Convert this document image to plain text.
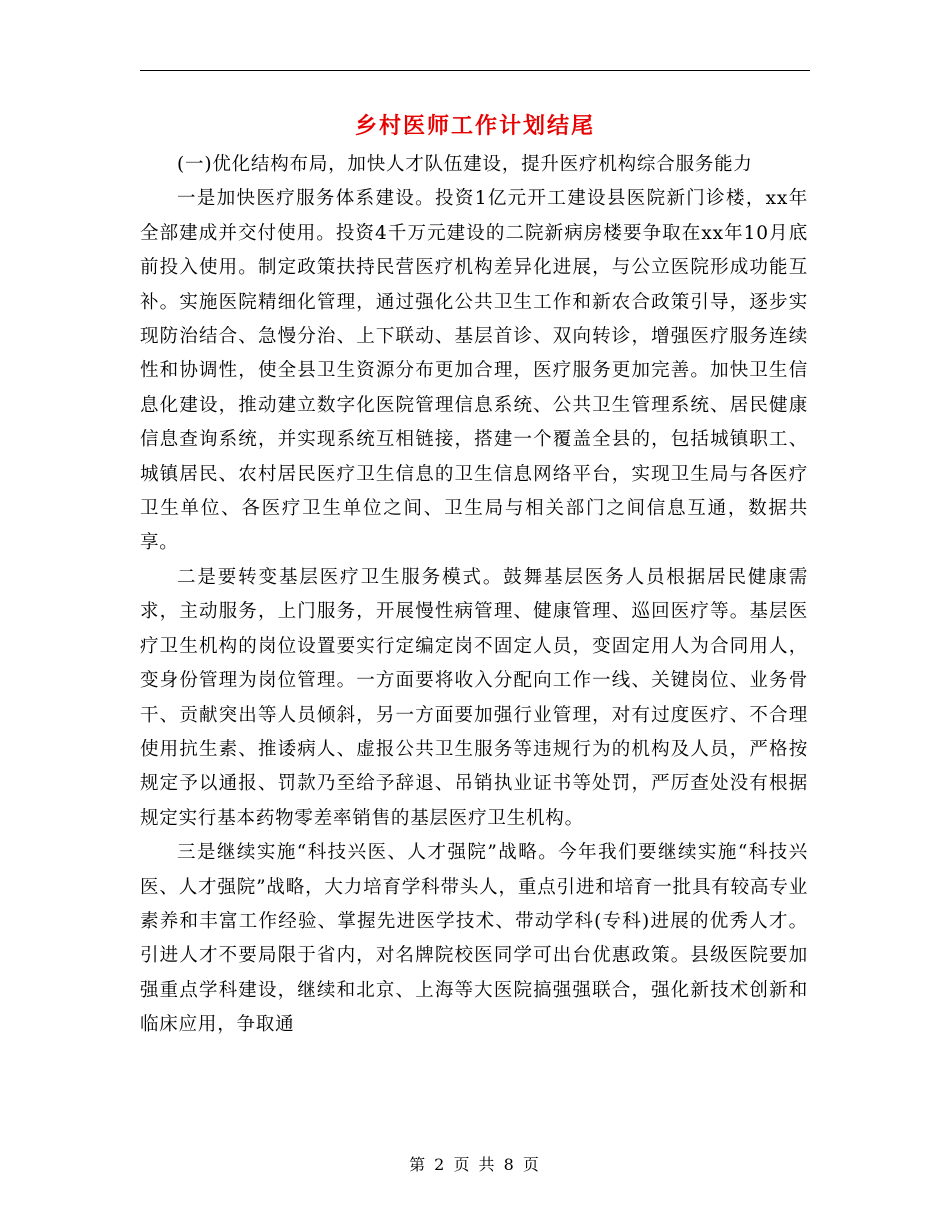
乡村医师工作计划结尾

(一)优化结构布局，加快人才队伍建设，提升医疗机构综合服务能力

一是加快医疗服务体系建设。投资1亿元开工建设县医院新门诊楼，xx年全部建成并交付使用。投资4千万元建设的二院新病房楼要争取在xx年10月底前投入使用。制定政策扶持民营医疗机构差异化进展，与公立医院形成功能互补。实施医院精细化管理，通过强化公共卫生工作和新农合政策引导，逐步实现防治结合、急慢分治、上下联动、基层首诊、双向转诊，增强医疗服务连续性和协调性，使全县卫生资源分布更加合理，医疗服务更加完善。加快卫生信息化建设，推动建立数字化医院管理信息系统、公共卫生管理系统、居民健康信息查询系统，并实现系统互相链接，搭建一个覆盖全县的，包括城镇职工、城镇居民、农村居民医疗卫生信息的卫生信息网络平台，实现卫生局与各医疗卫生单位、各医疗卫生单位之间、卫生局与相关部门之间信息互通，数据共享。

二是要转变基层医疗卫生服务模式。鼓舞基层医务人员根据居民健康需求，主动服务，上门服务，开展慢性病管理、健康管理、巡回医疗等。基层医疗卫生机构的岗位设置要实行定编定岗不固定人员，变固定用人为合同用人，变身份管理为岗位管理。一方面要将收入分配向工作一线、关键岗位、业务骨干、贡献突出等人员倾斜，另一方面要加强行业管理，对有过度医疗、不合理使用抗生素、推诿病人、虚报公共卫生服务等违规行为的机构及人员，严格按规定予以通报、罚款乃至给予辞退、吊销执业证书等处罚，严厉查处没有根据规定实行基本药物零差率销售的基层医疗卫生机构。

三是继续实施“科技兴医、人才强院”战略。今年我们要继续实施“科技兴医、人才强院”战略，大力培育学科带头人，重点引进和培育一批具有较高专业素养和丰富工作经验、掌握先进医学技术、带动学科(专科)进展的优秀人才。引进人才不要局限于省内，对名牌院校医同学可出台优惠政策。县级医院要加强重点学科建设，继续和北京、上海等大医院搞强强联合，强化新技术创新和临床应用，争取通

第 2 页 共 8 页
